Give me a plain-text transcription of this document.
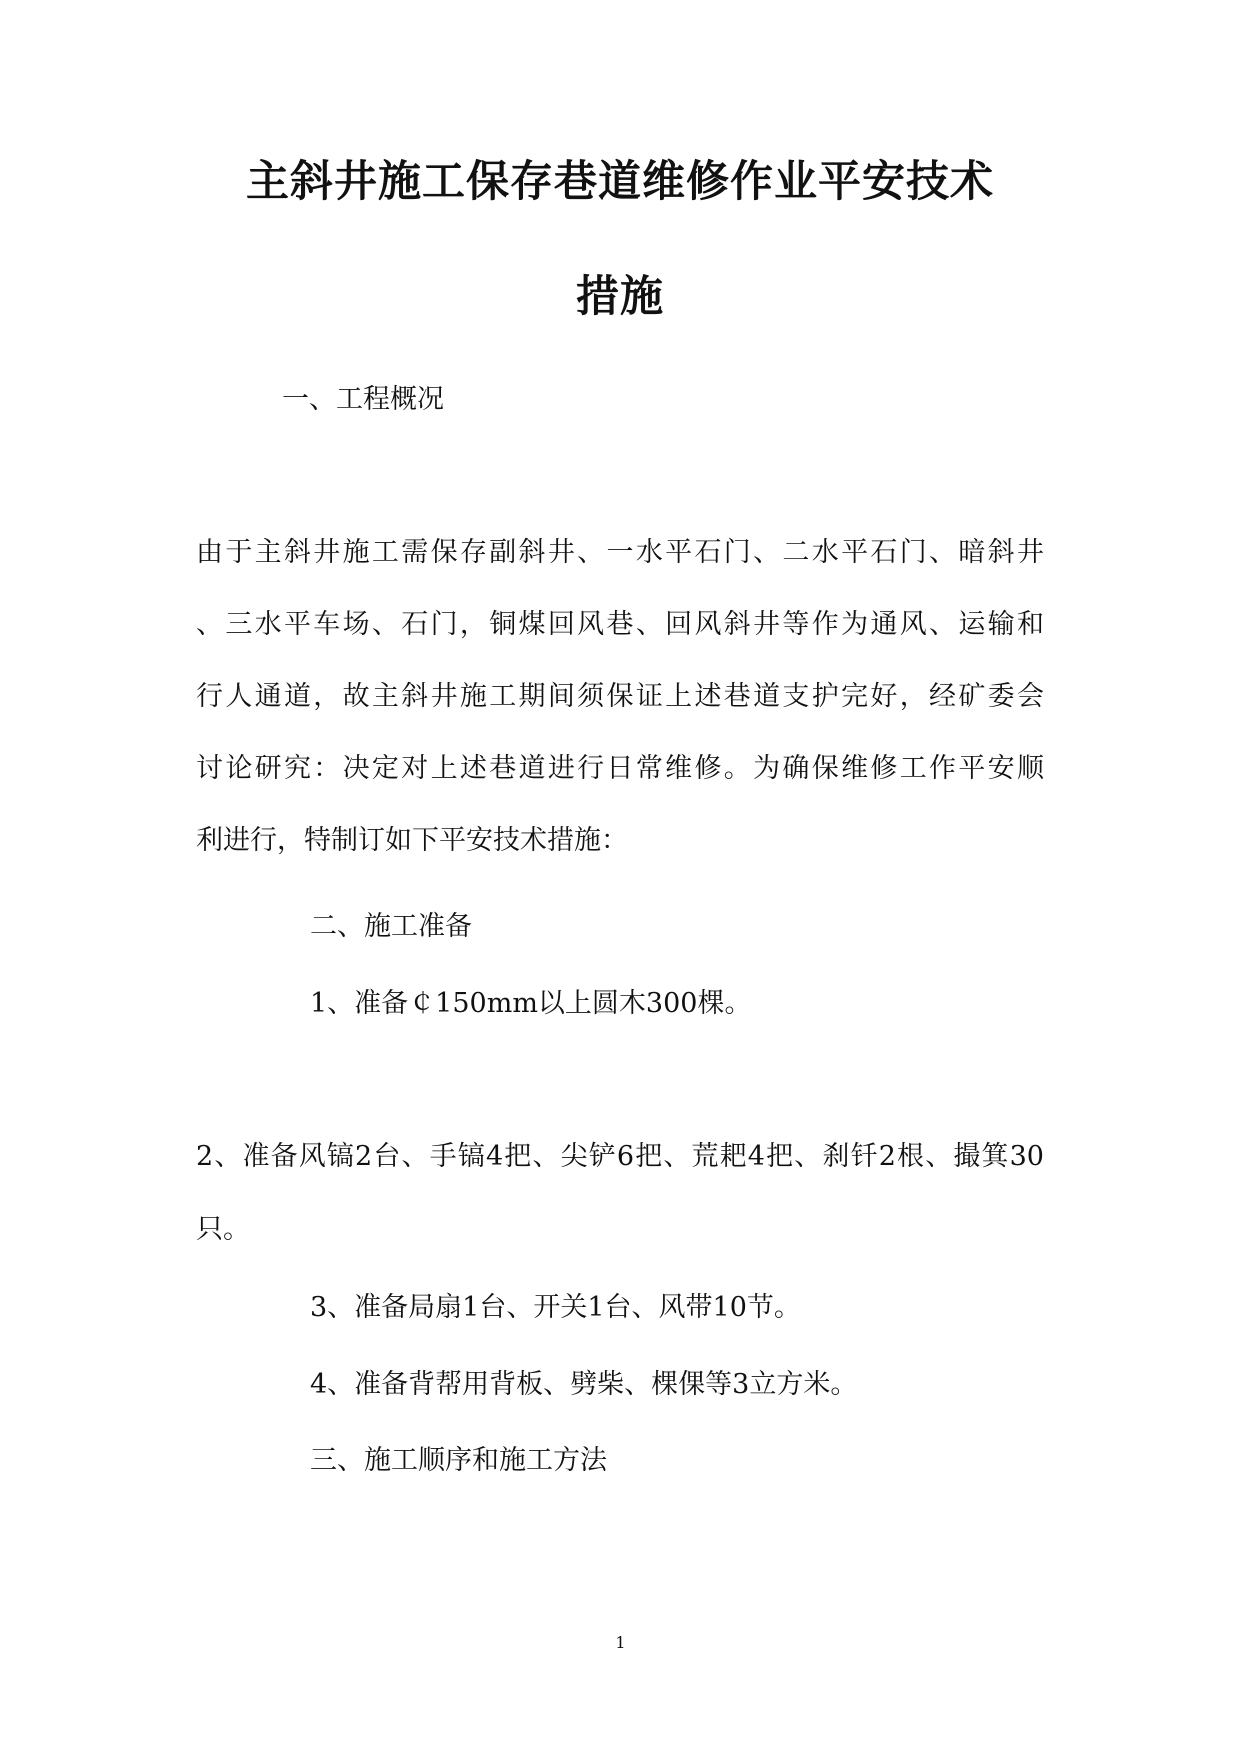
主斜井施工保存巷道维修作业平安技术
措施
一、工程概况
由于主斜井施工需保存副斜井、一水平石门、二水平石门、暗斜井
、三水平车场、石门，铜煤回风巷、回风斜井等作为通风、运输和
行人通道，故主斜井施工期间须保证上述巷道支护完好，经矿委会
讨论研究：决定对上述巷道进行日常维修。为确保维修工作平安顺
利进行，特制订如下平安技术措施：
二、施工准备
1、准备￠150mm以上圆木300棵。
2、准备风镐2台、手镐4把、尖铲6把、荒耙4把、刹钎2根、撮箕30
只。
3、准备局扇1台、开关1台、风带10节。
4、准备背帮用背板、劈柴、棵倮等3立方米。
三、施工顺序和施工方法
1
